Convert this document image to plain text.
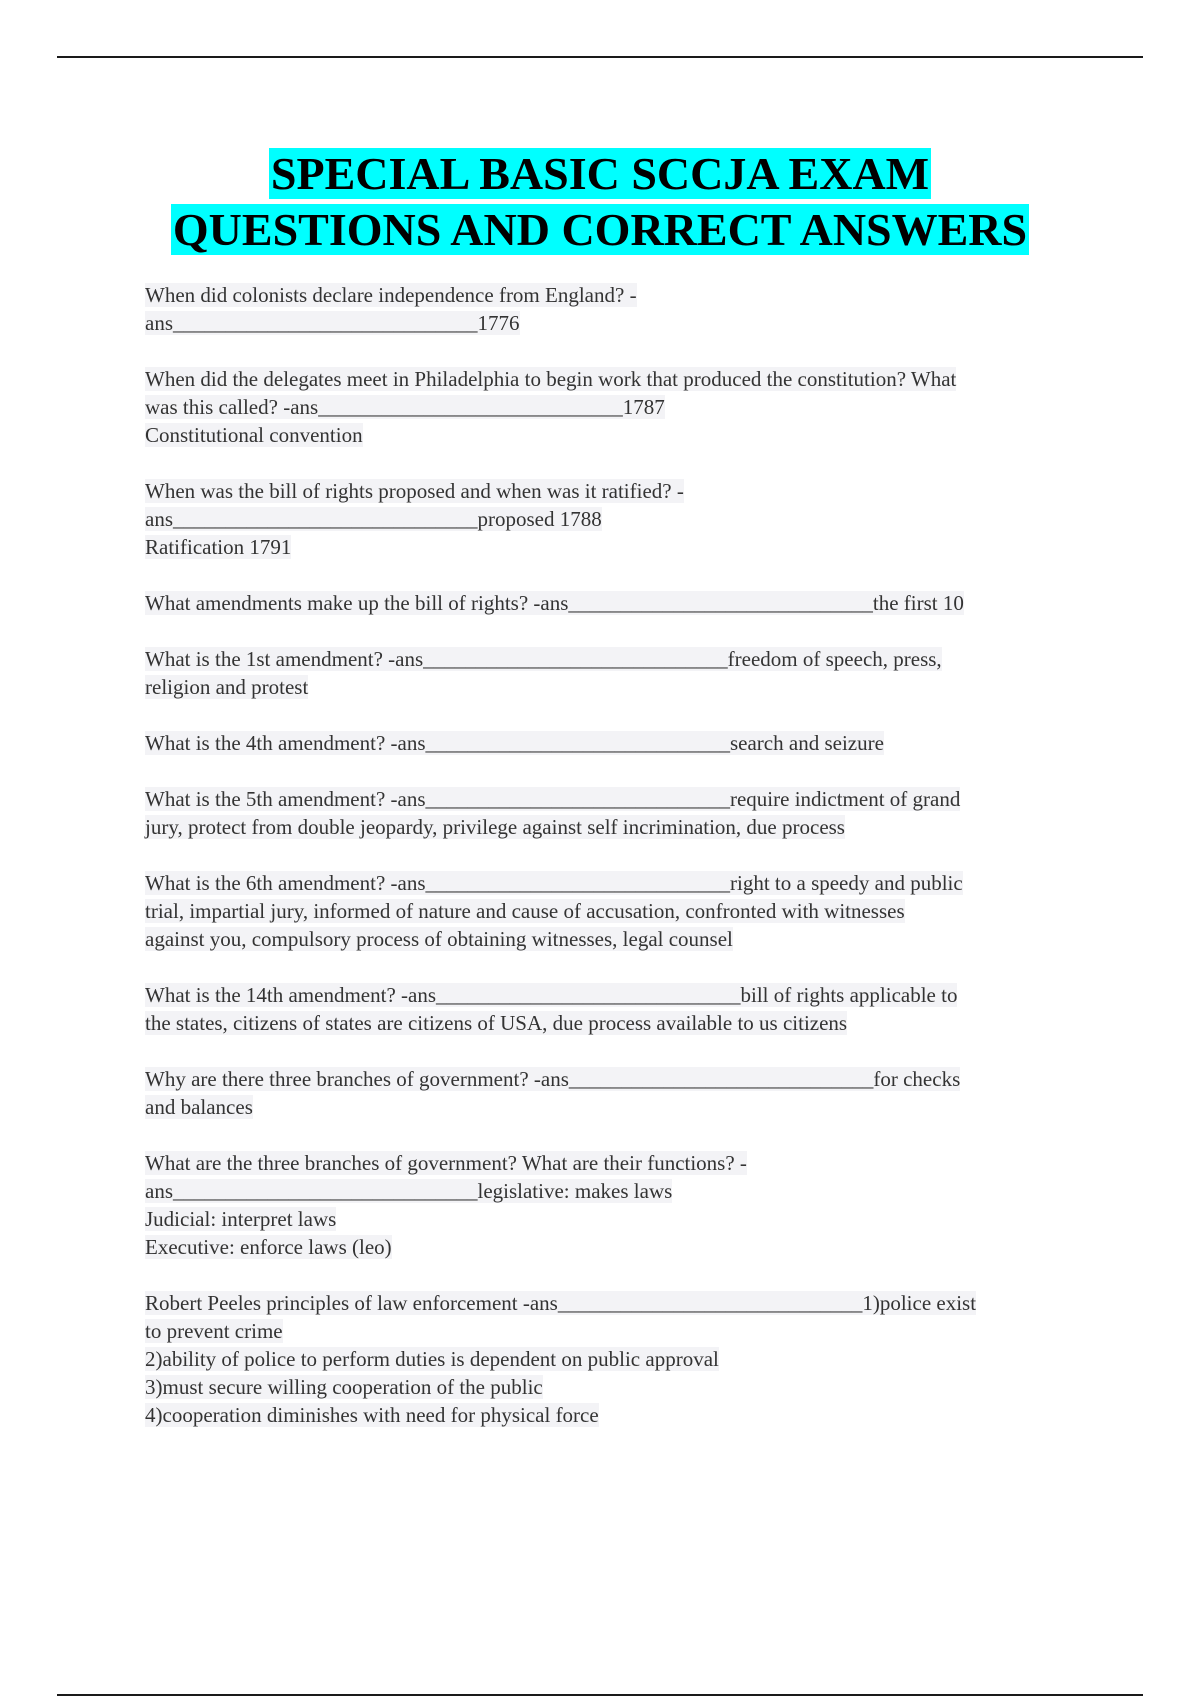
SPECIAL BASIC SCCJA EXAM
QUESTIONS AND CORRECT ANSWERS
When did colonists declare independence from England? -
ans_____________________________1776
When did the delegates meet in Philadelphia to begin work that produced the constitution? What
was this called? -ans_____________________________1787
Constitutional convention
When was the bill of rights proposed and when was it ratified? -
ans_____________________________proposed 1788
Ratification 1791
What amendments make up the bill of rights? -ans_____________________________the first 10
What is the 1st amendment? -ans_____________________________freedom of speech, press,
religion and protest
What is the 4th amendment? -ans_____________________________search and seizure
What is the 5th amendment? -ans_____________________________require indictment of grand
jury, protect from double jeopardy, privilege against self incrimination, due process
What is the 6th amendment? -ans_____________________________right to a speedy and public
trial, impartial jury, informed of nature and cause of accusation, confronted with witnesses
against you, compulsory process of obtaining witnesses, legal counsel
What is the 14th amendment? -ans_____________________________bill of rights applicable to
the states, citizens of states are citizens of USA, due process available to us citizens
Why are there three branches of government? -ans_____________________________for checks
and balances
What are the three branches of government? What are their functions? -
ans_____________________________legislative: makes laws
Judicial: interpret laws
Executive: enforce laws (leo)
Robert Peeles principles of law enforcement -ans_____________________________1)police exist
to prevent crime
2)ability of police to perform duties is dependent on public approval
3)must secure willing cooperation of the public
4)cooperation diminishes with need for physical force
